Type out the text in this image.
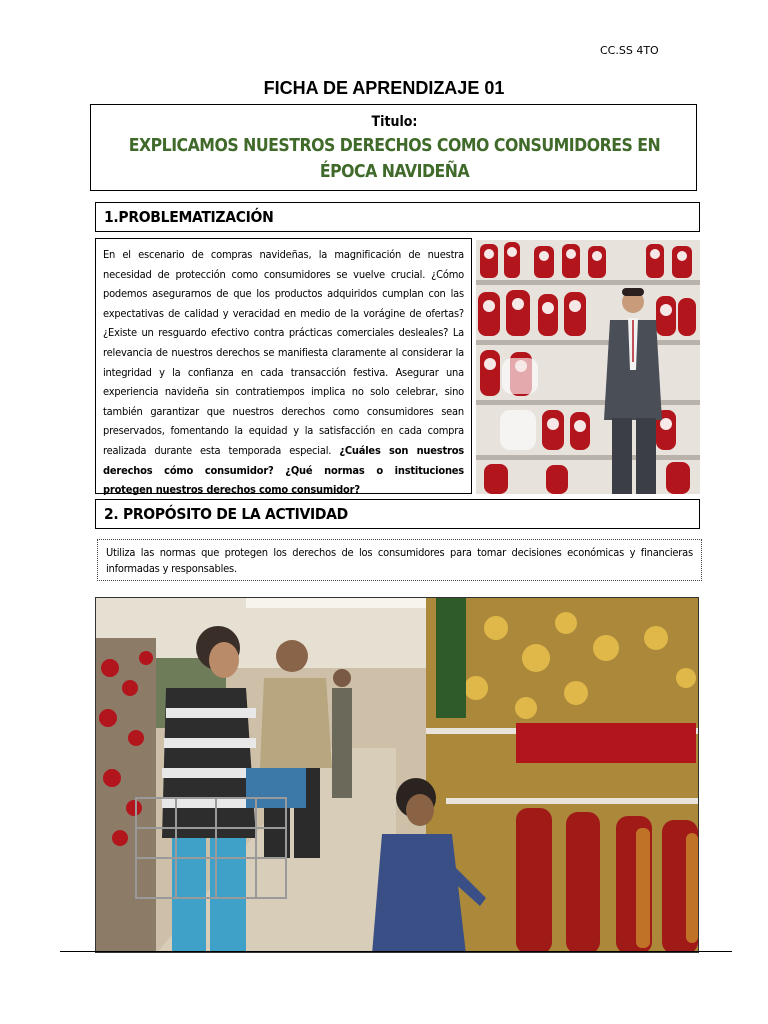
CC.SS 4TO
FICHA DE APRENDIZAJE 01
Titulo:
EXPLICAMOS NUESTROS DERECHOS COMO CONSUMIDORES EN ÉPOCA NAVIDEÑA
1.PROBLEMATIZACIÓN
En el escenario de compras navideñas, la magnificación de nuestra necesidad de protección como consumidores se vuelve crucial. ¿Cómo podemos asegurarnos de que los productos adquiridos cumplan con las expectativas de calidad y veracidad en medio de la vorágine de ofertas? ¿Existe un resguardo efectivo contra prácticas comerciales desleales? La relevancia de nuestros derechos se manifiesta claramente al considerar la integridad y la confianza en cada transacción festiva. Asegurar una experiencia navideña sin contratiempos implica no solo celebrar, sino también garantizar que nuestros derechos como consumidores sean preservados, fomentando la equidad y la satisfacción en cada compra realizada durante esta temporada especial. ¿Cuáles son nuestros derechos cómo consumidor? ¿Qué normas o instituciones protegen nuestros derechos como consumidor?
2. PROPÓSITO DE LA ACTIVIDAD
Utiliza las normas que protegen los derechos de los consumidores para tomar decisiones económicas y financieras informadas y responsables.
